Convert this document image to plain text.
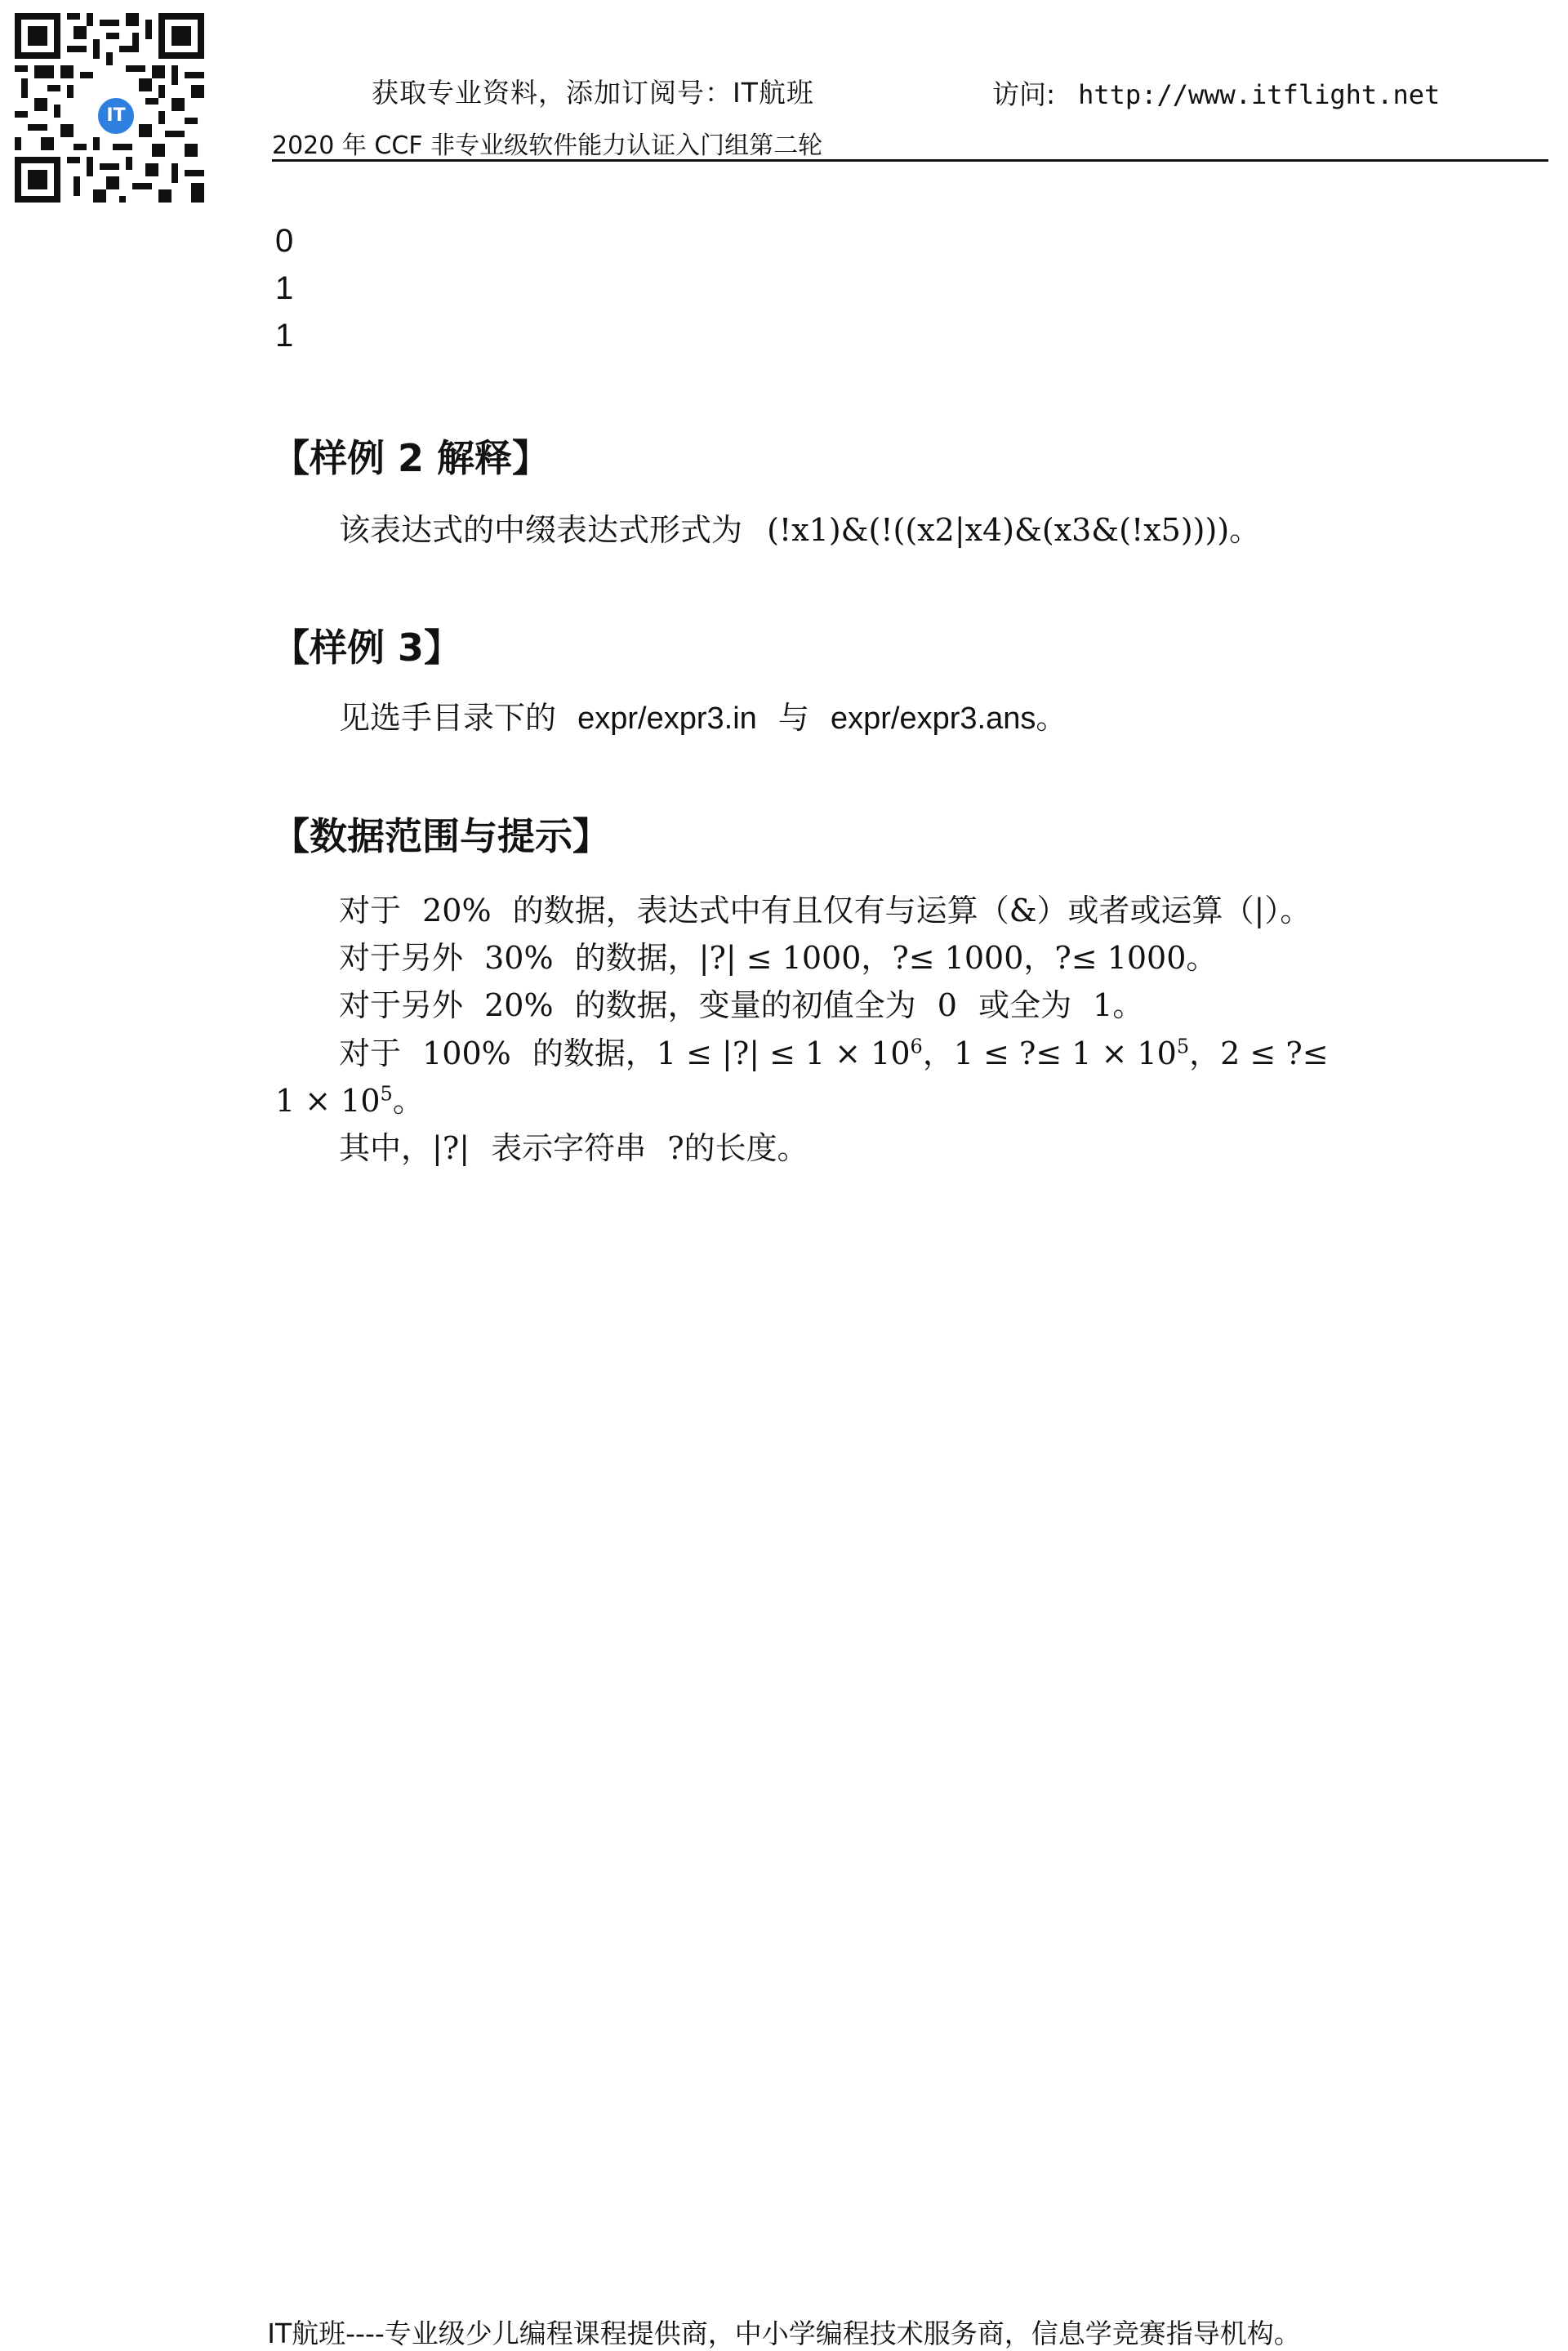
IT
获取专业资料，添加订阅号：IT航班	访问: http://www.itflight.net
2020 年 CCF 非专业级软件能力认证入门组第二轮
0
1
1
【样例 2 解释】
该表达式的中缀表达式形式为 (!x1)&(!((x2|x4)&(x3&(!x5))))。
【样例 3】
见选手目录下的 expr/expr3.in 与 expr/expr3.ans。
【数据范围与提示】
对于 20% 的数据，表达式中有且仅有与运算（&）或者或运算（|）。
对于另外 30% 的数据，|?| ≤ 1000，?≤ 1000，?≤ 1000。
对于另外 20% 的数据，变量的初值全为 0 或全为 1。
对于 100% 的数据，1 ≤ |?| ≤ $1 \times 10^6$，1 ≤ ?≤ $1 \times 10^5$，2 ≤ ?≤
$1 \times 10^5$。
其中，|?| 表示字符串 ?的长度。
IT航班----专业级少儿编程课程提供商，中小学编程技术服务商，信息学竞赛指导机构。
